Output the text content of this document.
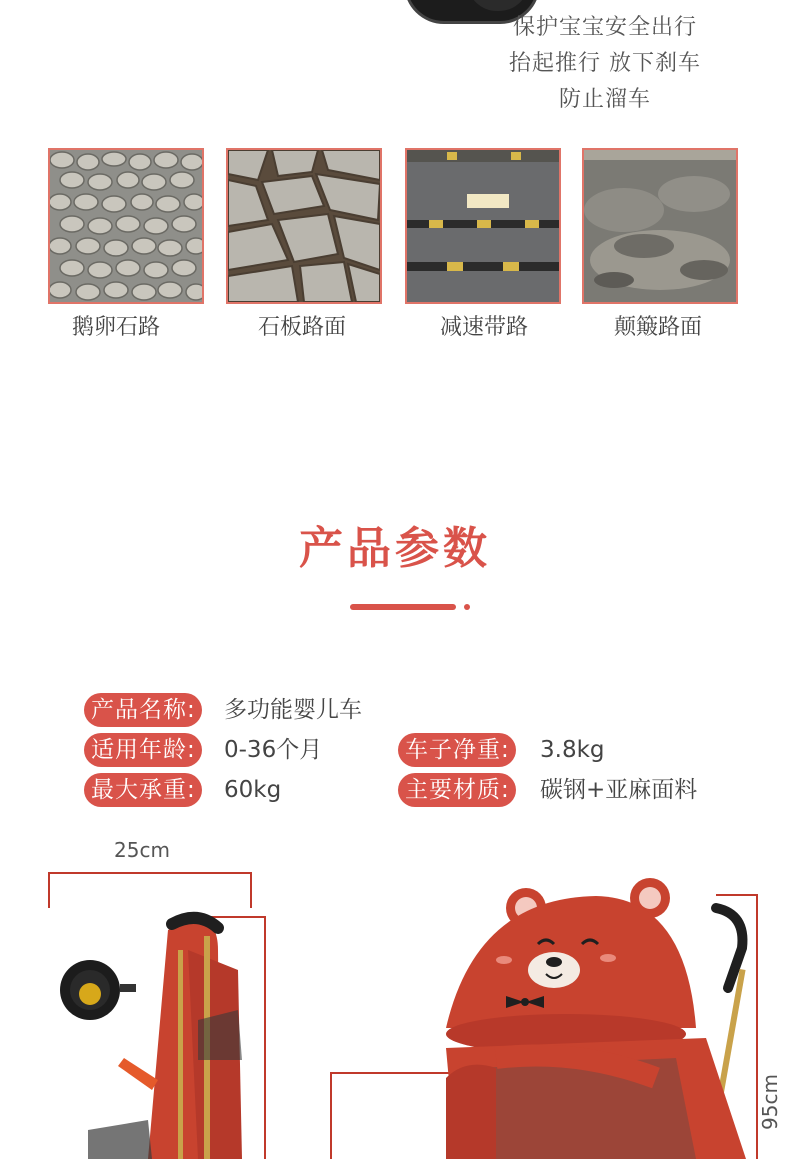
保护宝宝安全出行
抬起推行 放下刹车
防止溜车
鹅卵石路	石板路面	减速带路	颠簸路面
产品参数
产品名称: 多功能婴儿车
适用年龄: 0-36个月	车子净重: 3.8kg
最大承重: 60kg	主要材质: 碳钢+亚麻面料
25cm
95cm
